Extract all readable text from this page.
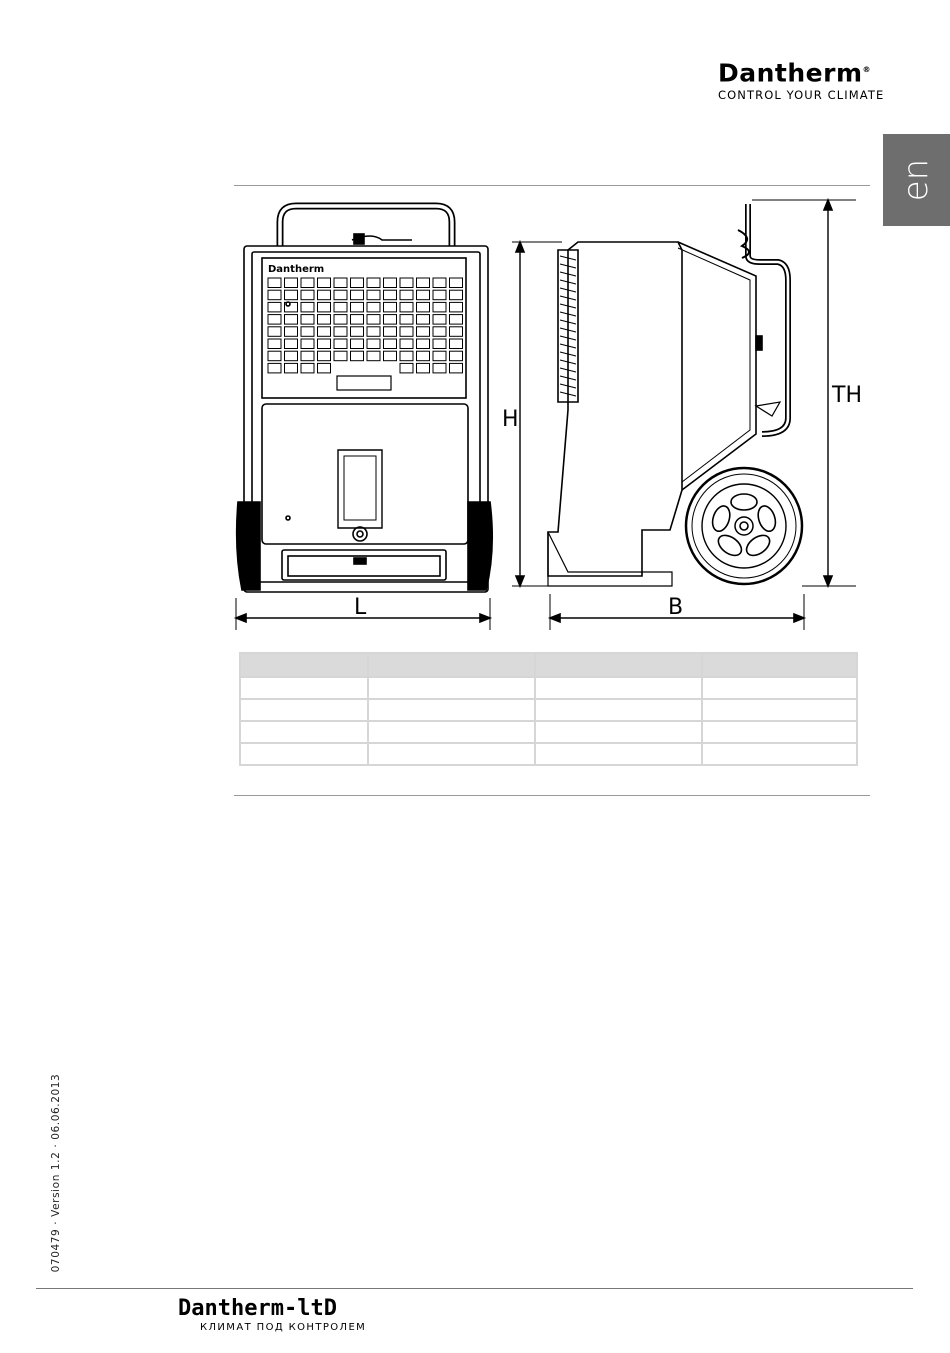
Dantherm®
CONTROL YOUR CLIMATE
en
Dantherm
L
H
TH
B

070479 · Version 1.2 · 06.06.2013
Dantherm-ltD
КЛИМАТ ПОД КОНТРОЛЕМ
